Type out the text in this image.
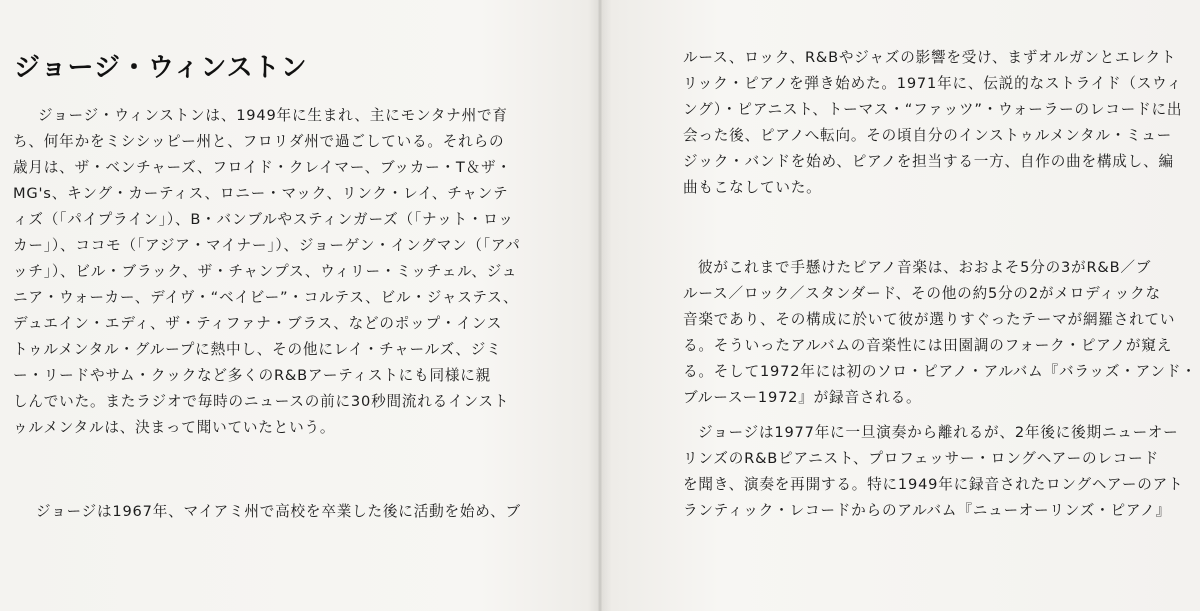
ジョージ・ウィンストン

ジョージ・ウィンストンは、1949年に生まれ、主にモンタナ州で育
ち、何年かをミシシッピー州と、フロリダ州で過ごしている。それらの
歳月は、ザ・ベンチャーズ、フロイド・クレイマー、ブッカー・T＆ザ・
MG's、キング・カーティス、ロニー・マック、リンク・レイ、チャンテ
ィズ（「パイプライン」）、B・バンブルやスティンガーズ（「ナット・ロッ
カー」）、ココモ（「アジア・マイナー」）、ジョーゲン・イングマン（「アパ
ッチ」）、ビル・ブラック、ザ・チャンプス、ウィリー・ミッチェル、ジュ
ニア・ウォーカー、デイヴ・“ベイビー”・コルテス、ビル・ジャステス、
デュエイン・エディ、ザ・ティファナ・ブラス、などのポップ・インス
トゥルメンタル・グループに熱中し、その他にレイ・チャールズ、ジミ
ー・リードやサム・クックなど多くのR&Bアーティストにも同様に親
しんでいた。またラジオで毎時のニュースの前に30秒間流れるインスト
ゥルメンタルは、決まって聞いていたという。

ジョージは1967年、マイアミ州で高校を卒業した後に活動を始め、ブ

ルース、ロック、R&Bやジャズの影響を受け、まずオルガンとエレクト
リック・ピアノを弾き始めた。1971年に、伝説的なストライド（スウィ
ング）・ピアニスト、トーマス・“ファッツ”・ウォーラーのレコードに出
会った後、ピアノへ転向。その頃自分のインストゥルメンタル・ミュー
ジック・バンドを始め、ピアノを担当する一方、自作の曲を構成し、編
曲もこなしていた。

彼がこれまで手懸けたピアノ音楽は、おおよそ5分の3がR&B／ブ
ルース／ロック／スタンダード、その他の約5分の2がメロディックな
音楽であり、その構成に於いて彼が選りすぐったテーマが網羅されてい
る。そういったアルバムの音楽性には田園調のフォーク・ピアノが窺え
る。そして1972年には初のソロ・ピアノ・アルバム『バラッズ・アンド・
ブルースー1972』が録音される。

ジョージは1977年に一旦演奏から離れるが、2年後に後期ニューオー
リンズのR&Bピアニスト、プロフェッサー・ロングヘアーのレコード
を聞き、演奏を再開する。特に1949年に録音されたロングヘアーのアト
ランティック・レコードからのアルバム『ニューオーリンズ・ピアノ』
